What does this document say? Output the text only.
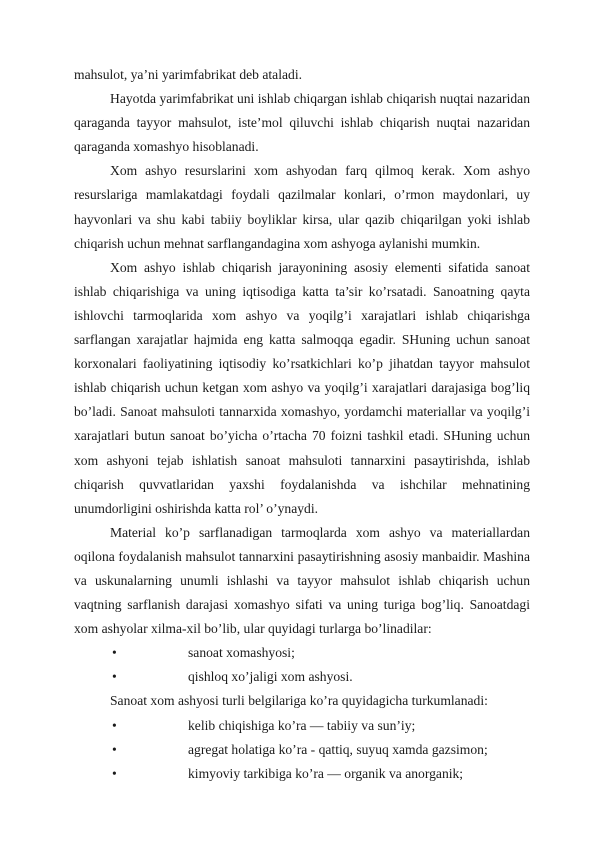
mahsulot, ya’ni yarimfabrikat deb ataladi.

Hayotda yarimfabrikat uni ishlab chiqargan ishlab chiqarish nuqtai nazaridan qaraganda tayyor mahsulot, iste’mol qiluvchi ishlab chiqarish nuqtai nazaridan qaraganda xomashyo hisoblanadi.

Xom ashyo resurslarini xom ashyodan farq qilmoq kerak. Xom ashyo resurslariga mamlakatdagi foydali qazilmalar konlari, o’rmon maydonlari, uy hayvonlari va shu kabi tabiiy boyliklar kirsa, ular qazib chiqarilgan yoki ishlab chiqarish uchun mehnat sarflangandagina xom ashyoga aylanishi mumkin.

Xom ashyo ishlab chiqarish jarayonining asosiy elementi sifatida sanoat ishlab chiqarishiga va uning iqtisodiga katta ta’sir ko’rsatadi. Sanoatning qayta ishlovchi tarmoqlarida xom ashyo va yoqilg’i xarajatlari ishlab chiqarishga sarflangan xarajatlar hajmida eng katta salmoqqa egadir. SHuning uchun sanoat korxonalari faoliyatining iqtisodiy ko’rsatkichlari ko’p jihatdan tayyor mahsulot ishlab chiqarish uchun ketgan xom ashyo va yoqilg’i xarajatlari darajasiga bog’liq bo’ladi. Sanoat mahsuloti tannarxida xomashyo, yordamchi materiallar va yoqilg’i xarajatlari butun sanoat bo’yicha o’rtacha 70 foizni tashkil etadi. SHuning uchun xom ashyoni tejab ishlatish sanoat mahsuloti tannarxini pasaytirishda, ishlab chiqarish quvvatlaridan yaxshi foydalanishda va ishchilar mehnatining unumdorligini oshirishda katta rol’ o’ynaydi.

Material ko’p sarflanadigan tarmoqlarda xom ashyo va materiallardan oqilona foydalanish mahsulot tannarxini pasaytirishning asosiy manbaidir. Mashina va uskunalarning unumli ishlashi va tayyor mahsulot ishlab chiqarish uchun vaqtning sarflanish darajasi xomashyo sifati va uning turiga bog’liq. Sanoatdagi xom ashyolar xilma-xil bo’lib, ular quyidagi turlarga bo’linadilar:

•	sanoat xomashyosi;
•	qishloq xo’jaligi xom ashyosi.

Sanoat xom ashyosi turli belgilariga ko’ra quyidagicha turkumlanadi:

•	kelib chiqishiga ko’ra — tabiiy va sun’iy;
•	agregat holatiga ko’ra - qattiq, suyuq xamda gazsimon;
•	kimyoviy tarkibiga ko’ra — organik va anorganik;
